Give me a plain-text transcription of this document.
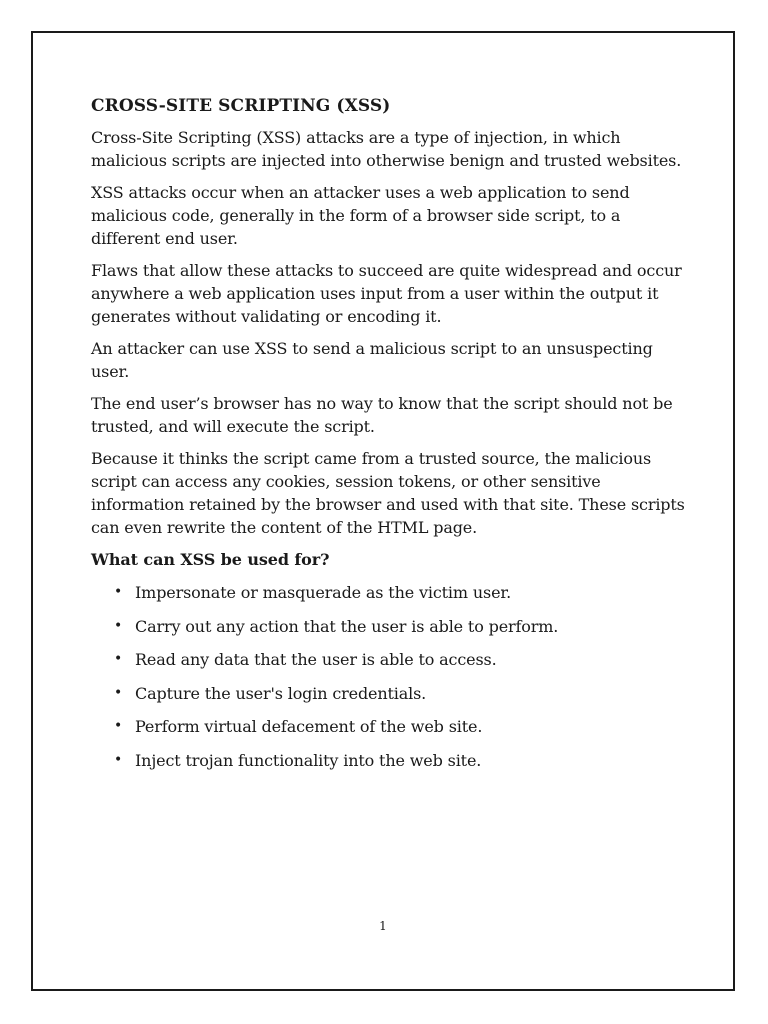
CROSS-SITE SCRIPTING (XSS)

Cross-Site Scripting (XSS) attacks are a type of injection, in which malicious scripts are injected into otherwise benign and trusted websites.

XSS attacks occur when an attacker uses a web application to send malicious code, generally in the form of a browser side script, to a different end user.

Flaws that allow these attacks to succeed are quite widespread and occur anywhere a web application uses input from a user within the output it generates without validating or encoding it.

An attacker can use XSS to send a malicious script to an unsuspecting user.

The end user’s browser has no way to know that the script should not be trusted, and will execute the script.

Because it thinks the script came from a trusted source, the malicious script can access any cookies, session tokens, or other sensitive information retained by the browser and used with that site. These scripts can even rewrite the content of the HTML page.

What can XSS be used for?
• Impersonate or masquerade as the victim user.
• Carry out any action that the user is able to perform.
• Read any data that the user is able to access.
• Capture the user's login credentials.
• Perform virtual defacement of the web site.
• Inject trojan functionality into the web site.
1
